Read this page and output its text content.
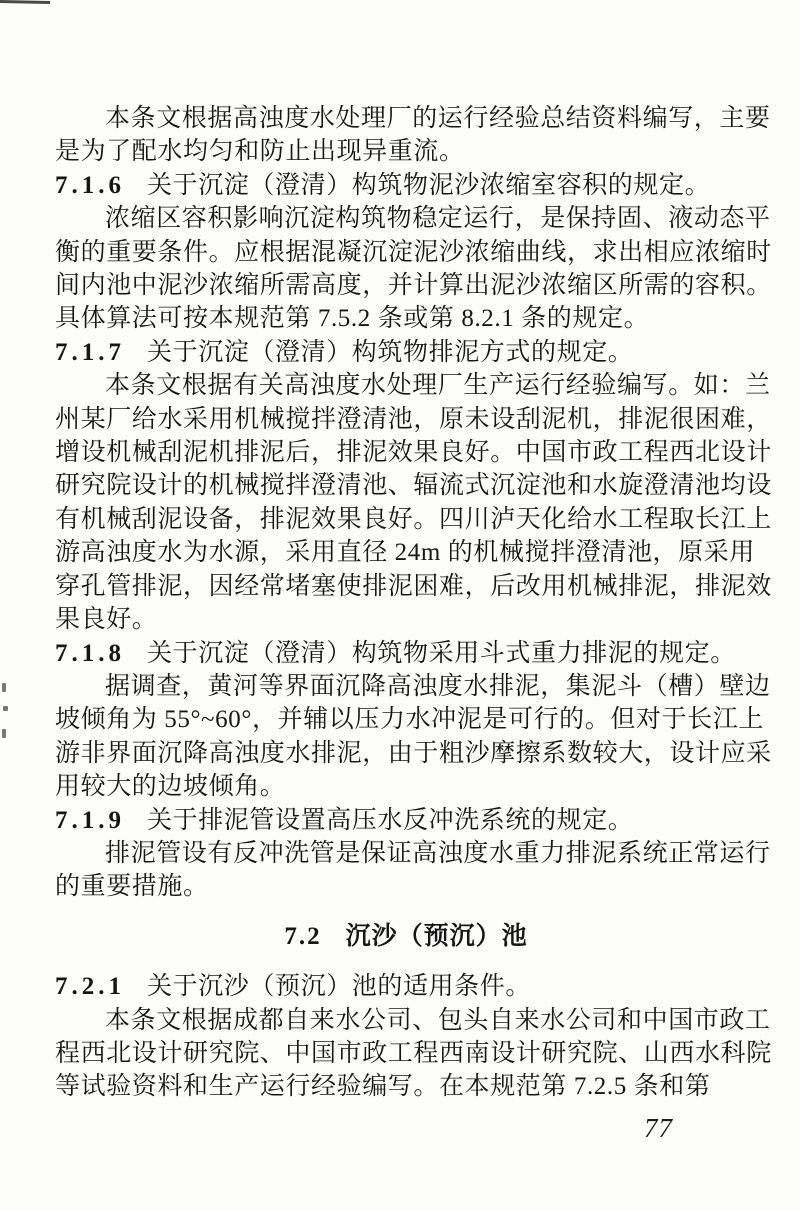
本条文根据高浊度水处理厂的运行经验总结资料编写，主要
是为了配水均匀和防止出现异重流。
7.1.6 关于沉淀（澄清）构筑物泥沙浓缩室容积的规定。
浓缩区容积影响沉淀构筑物稳定运行，是保持固、液动态平
衡的重要条件。应根据混凝沉淀泥沙浓缩曲线，求出相应浓缩时
间内池中泥沙浓缩所需高度，并计算出泥沙浓缩区所需的容积。
具体算法可按本规范第 7.5.2 条或第 8.2.1 条的规定。
7.1.7 关于沉淀（澄清）构筑物排泥方式的规定。
本条文根据有关高浊度水处理厂生产运行经验编写。如：兰
州某厂给水采用机械搅拌澄清池，原未设刮泥机，排泥很困难，
增设机械刮泥机排泥后，排泥效果良好。中国市政工程西北设计
研究院设计的机械搅拌澄清池、辐流式沉淀池和水旋澄清池均设
有机械刮泥设备，排泥效果良好。四川泸天化给水工程取长江上
游高浊度水为水源，采用直径 24m 的机械搅拌澄清池，原采用
穿孔管排泥，因经常堵塞使排泥困难，后改用机械排泥，排泥效
果良好。
7.1.8 关于沉淀（澄清）构筑物采用斗式重力排泥的规定。
据调查，黄河等界面沉降高浊度水排泥，集泥斗（槽）壁边
坡倾角为 55°~60°，并辅以压力水冲泥是可行的。但对于长江上
游非界面沉降高浊度水排泥，由于粗沙摩擦系数较大，设计应采
用较大的边坡倾角。
7.1.9 关于排泥管设置高压水反冲洗系统的规定。
排泥管设有反冲洗管是保证高浊度水重力排泥系统正常运行
的重要措施。
7.2 沉沙（预沉）池
7.2.1 关于沉沙（预沉）池的适用条件。
本条文根据成都自来水公司、包头自来水公司和中国市政工
程西北设计研究院、中国市政工程西南设计研究院、山西水科院
等试验资料和生产运行经验编写。在本规范第 7.2.5 条和第
77
